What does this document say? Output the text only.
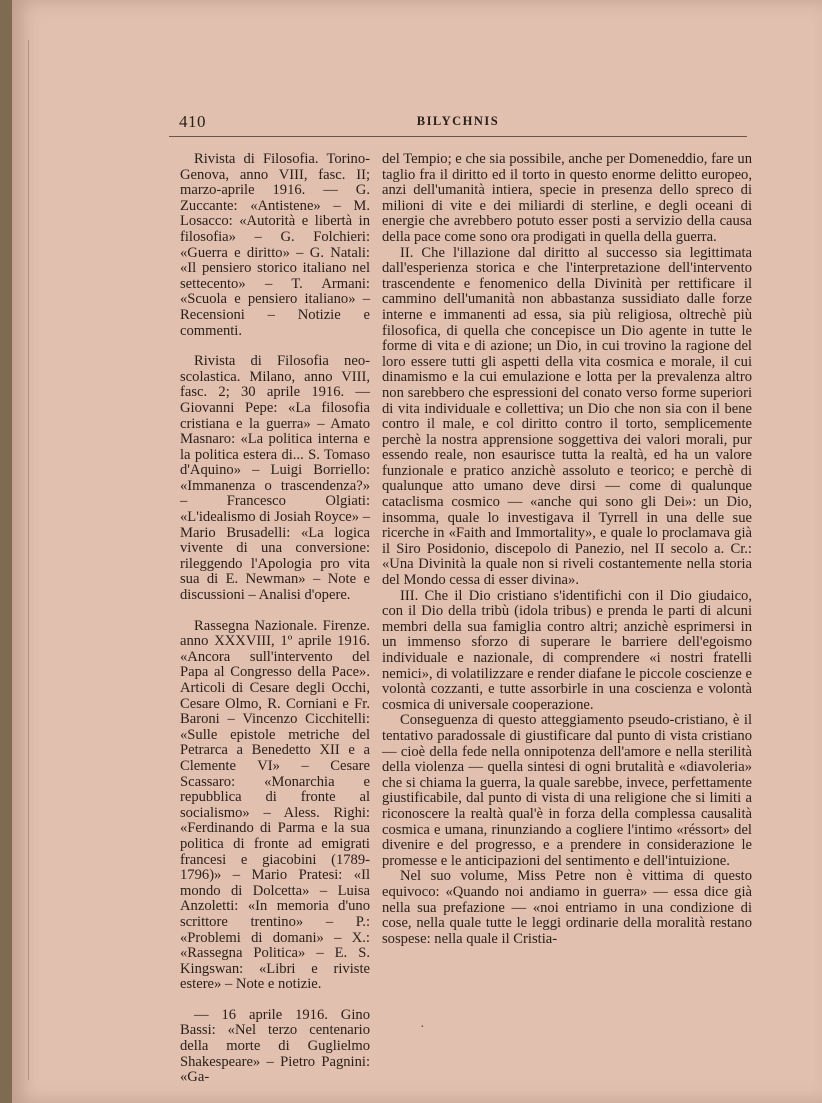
410	BILYCHNIS

Rivista di Filosofia. Torino-Genova, anno VIII, fasc. II; marzo-aprile 1916. — G. Zuccante: «Antistene» – M. Losacco: «Autorità e libertà in filosofia» – G. Folchieri: «Guerra e diritto» – G. Natali: «Il pensiero storico italiano nel settecento» – T. Armani: «Scuola e pensiero italiano» – Recensioni – Notizie e commenti.

Rivista di Filosofia neo-scolastica. Milano, anno VIII, fasc. 2; 30 aprile 1916. — Giovanni Pepe: «La filosofia cristiana e la guerra» – Amato Masnaro: «La politica interna e la politica estera di... S. Tomaso d'Aquino» – Luigi Borriello: «Immanenza o trascendenza?» – Francesco Olgiati: «L'idealismo di Josiah Royce» – Mario Brusadelli: «La logica vivente di una conversione: rileggendo l'Apologia pro vita sua di E. Newman» – Note e discussioni – Analisi d'opere.

Rassegna Nazionale. Firenze. anno XXXVIII, 1º aprile 1916. «Ancora sull'intervento del Papa al Congresso della Pace». Articoli di Cesare degli Occhi, Cesare Olmo, R. Corniani e Fr. Baroni – Vincenzo Cicchitelli: «Sulle epistole metriche del Petrarca a Benedetto XII e a Clemente VI» – Cesare Scassaro: «Monarchia e repubblica di fronte al socialismo» – Aless. Righi: «Ferdinando di Parma e la sua politica di fronte ad emigrati francesi e giacobini (1789-1796)» – Mario Pratesi: «Il mondo di Dolcetta» – Luisa Anzoletti: «In memoria d'uno scrittore trentino» – P.: «Problemi di domani» – X.: «Rassegna Politica» – E. S. Kingswan: «Libri e riviste estere» – Note e notizie.

— 16 aprile 1916. Gino Bassi: «Nel terzo centenario della morte di Guglielmo Shakespeare» – Pietro Pagnini: «Ga-

del Tempio; e che sia possibile, anche per Domeneddio, fare un taglio fra il diritto ed il torto in questo enorme delitto europeo, anzi dell'umanità intiera, specie in presenza dello spreco di milioni di vite e dei miliardi di sterline, e degli oceani di energie che avrebbero potuto esser posti a servizio della causa della pace come sono ora prodigati in quella della guerra.

II. Che l'illazione dal diritto al successo sia legittimata dall'esperienza storica e che l'interpretazione dell'intervento trascendente e fenomenico della Divinità per rettificare il cammino dell'umanità non abbastanza sussidiato dalle forze interne e immanenti ad essa, sia più religiosa, oltrechè più filosofica, di quella che concepisce un Dio agente in tutte le forme di vita e di azione; un Dio, in cui trovino la ragione del loro essere tutti gli aspetti della vita cosmica e morale, il cui dinamismo e la cui emulazione e lotta per la prevalenza altro non sarebbero che espressioni del conato verso forme superiori di vita individuale e collettiva; un Dio che non sia con il bene contro il male, e col diritto contro il torto, semplicemente perchè la nostra apprensione soggettiva dei valori morali, pur essendo reale, non esaurisce tutta la realtà, ed ha un valore funzionale e pratico anzichè assoluto e teorico; e perchè di qualunque atto umano deve dirsi — come di qualunque cataclisma cosmico — «anche qui sono gli Dei»: un Dio, insomma, quale lo investigava il Tyrrell in una delle sue ricerche in «Faith and Immortality», e quale lo proclamava già il Siro Posidonio, discepolo di Panezio, nel II secolo a. Cr.: «Una Divinità la quale non si riveli costantemente nella storia del Mondo cessa di esser divina».

III. Che il Dio cristiano s'identifichi con il Dio giudaico, con il Dio della tribù (idola tribus) e prenda le parti di alcuni membri della sua famiglia contro altri; anzichè esprimersi in un immenso sforzo di superare le barriere dell'egoismo individuale e nazionale, di comprendere «i nostri fratelli nemici», di volatilizzare e render diafane le piccole coscienze e volontà cozzanti, e tutte assorbirle in una coscienza e volontà cosmica di universale cooperazione.

Conseguenza di questo atteggiamento pseudo-cristiano, è il tentativo paradossale di giustificare dal punto di vista cristiano — cioè della fede nella onnipotenza dell'amore e nella sterilità della violenza — quella sintesi di ogni brutalità e «diavoleria» che si chiama la guerra, la quale sarebbe, invece, perfettamente giustificabile, dal punto di vista di una religione che si limiti a riconoscere la realtà qual'è in forza della complessa causalità cosmica e umana, rinunziando a cogliere l'intimo «réssort» del divenire e del progresso, e a prendere in considerazione le promesse e le anticipazioni del sentimento e dell'intuizione.

Nel suo volume, Miss Petre non è vittima di questo equivoco: «Quando noi andiamo in guerra» — essa dice già nella sua prefazione — «noi entriamo in una condizione di cose, nella quale tutte le leggi ordinarie della moralità restano sospese: nella quale il Cristia-

·
